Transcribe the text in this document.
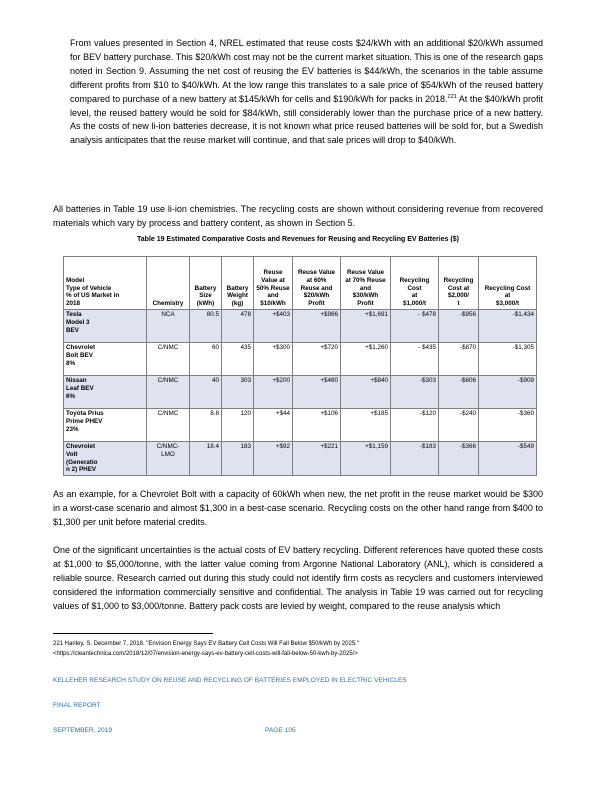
From values presented in Section 4, NREL estimated that reuse costs $24/kWh with an additional $20/kWh assumed for BEV battery purchase. This $20/kWh cost may not be the current market situation. This is one of the research gaps noted in Section 9. Assuming the net cost of reusing the EV batteries is $44/kWh, the scenarios in the table assume different profits from $10 to $40/kWh. At the low range this translates to a sale price of $54/kWh of the reused battery compared to purchase of a new battery at $145/kWh for cells and $190/kWh for packs in 2018.$^{221}$ At the $40/kWh profit level, the reused battery would be sold for $84/kWh, still considerably lower than the purchase price of a new battery. As the costs of new li-ion batteries decrease, it is not known what price reused batteries will be sold for, but a Swedish analysis anticipates that the reuse market will continue, and that sale prices will drop to $40/kWh.

All batteries in Table 19 use li-ion chemistries. The recycling costs are shown without considering revenue from recovered materials which vary by process and battery content, as shown in Section 5.

Table 19 Estimated Comparative Costs and Revenues for Reusing and Recycling EV Batteries ($)
Model
Type of Vehicle
% of US Market in
2018	Chemistry	Battery
Size
(kWh)	Battery
Weight
(kg)	Reuse
Value at
50% Reuse
and
$10/kWh	Reuse Value
at 60%
Reuse and
$20/kWh
Profit	Reuse Value
at 70% Reuse
and
$30/kWh
Profit	Recycling Cost
at
$1,000/t	Recycling
Cost at
$2,000/
t	Recycling Cost
at
$3,000/t

Tesla
Model 3
BEV	NCA	80.5	478	+$403	+$966	+$1,691	- $478	-$956	-$1,434

Chevrolet
Bolt BEV
8%	C/NMC	60	435	+$300	+$720	+$1,260	- $435	-$870	-$1,305

Nissan
Leaf BEV
6%	C/NMC	40	303	+$200	+$480	+$840	-$303	-$606	-$909

Toyota Prius
Prime PHEV
23%	C/NMC	8.8	120	+$44	+$106	+$185	-$120	-$240	-$360

Chevrolet
Volt
(Generatio
n 2) PHEV	C/NMC-
LMO	18.4	183	+$92	+$221	+$1,159	-$183	-$366	-$549

As an example, for a Chevrolet Bolt with a capacity of 60kWh when new, the net profit in the reuse market would be $300 in a worst-case scenario and almost $1,300 in a best-case scenario. Recycling costs on the other hand range from $400 to $1,300 per unit before material credits.

One of the significant uncertainties is the actual costs of EV battery recycling. Different references have quoted these costs at $1,000 to $5,000/tonne, with the latter value coming from Argonne National Laboratory (ANL), which is considered a reliable source. Research carried out during this study could not identify firm costs as recyclers and customers interviewed considered the information commercially sensitive and confidential. The analysis in Table 19 was carried out for recycling values of $1,000 to $3,000/tonne. Battery pack costs are levied by weight, compared to the reuse analysis which

221 Hanley, S. December 7, 2018. "Envision Energy Says EV Battery Cell Costs Will Fall Below $50/kWh by 2025."
<https://cleantechnica.com/2018/12/07/envision-energy-says-ev-battery-cell-costs-will-fall-below-50-kwh-by-2025/>
KELLEHER RESEARCH STUDY ON REUSE AND RECYCLING OF BATTERIES EMPLOYED IN ELECTRIC VEHICLES
FINAL REPORT
SEPTEMBER, 2019	PAGE 105
